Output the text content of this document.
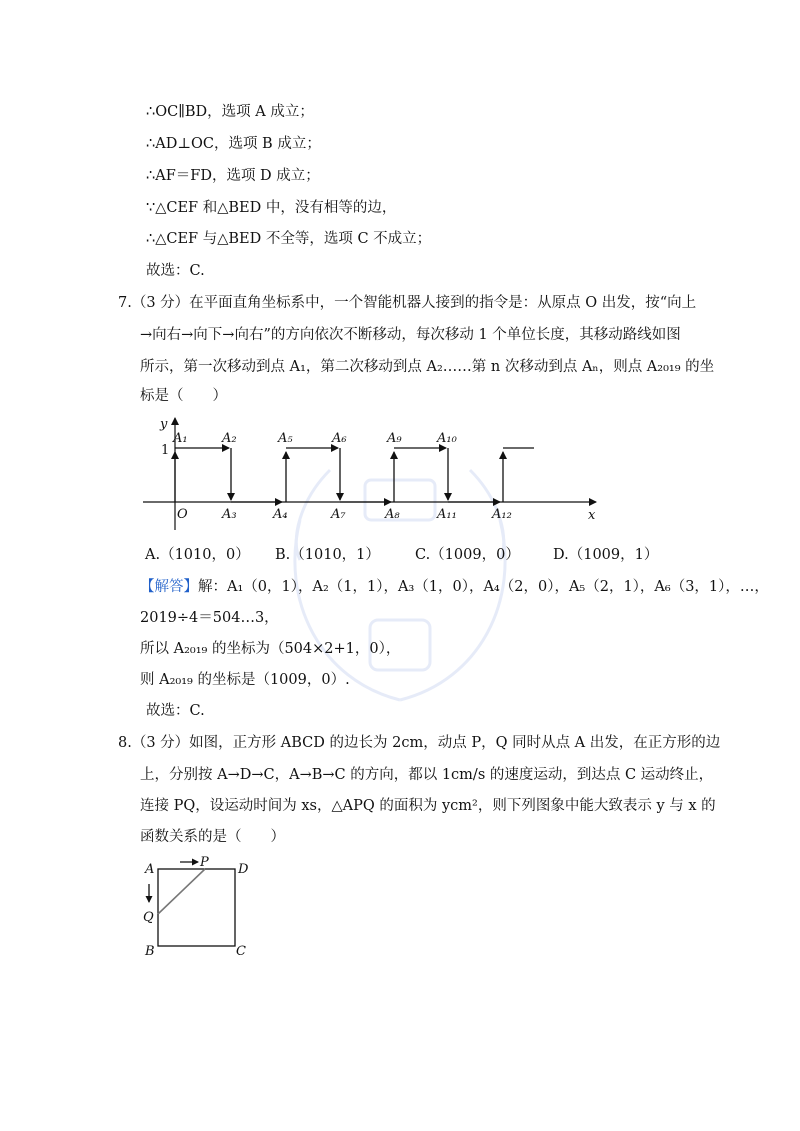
∴OC∥BD，选项 A 成立；
∴AD⊥OC，选项 B 成立；
∴AF＝FD，选项 D 成立；
∵△CEF 和△BED 中，没有相等的边，
∴△CEF 与△BED 不全等，选项 C 不成立；
故选：C.
7.（3 分）在平面直角坐标系中，一个智能机器人接到的指令是：从原点 O 出发，按“向上
→向右→向下→向右”的方向依次不断移动，每次移动 1 个单位长度，其移动路线如图
所示，第一次移动到点 A₁，第二次移动到点 A₂……第 n 次移动到点 Aₙ，则点 A₂₀₁₉ 的坐
标是（　　）
y
x
O
A₁	A₂
A₃	A₄
A₅	A₆
A₇	A₈
A₉	A₁₀
A₁₁	A₁₂
1
A.（1010，0） B.（1010，1） C.（1009，0） D.（1009，1）
【解答】解：A₁（0，1），A₂（1，1），A₃（1，0），A₄（2，0），A₅（2，1），A₆（3，1），…，
2019÷4＝504…3，
所以 A₂₀₁₉ 的坐标为（504×2+1，0），
则 A₂₀₁₉ 的坐标是（1009，0）.
故选：C.
8.（3 分）如图，正方形 ABCD 的边长为 2cm，动点 P，Q 同时从点 A 出发，在正方形的边
上，分别按 A→D→C，A→B→C 的方向，都以 1cm/s 的速度运动，到达点 C 运动终止，
连接 PQ，设运动时间为 xs，△APQ 的面积为 ycm²，则下列图象中能大致表示 y 与 x 的
函数关系的是（　　）
A
B	C
D
P
Q
